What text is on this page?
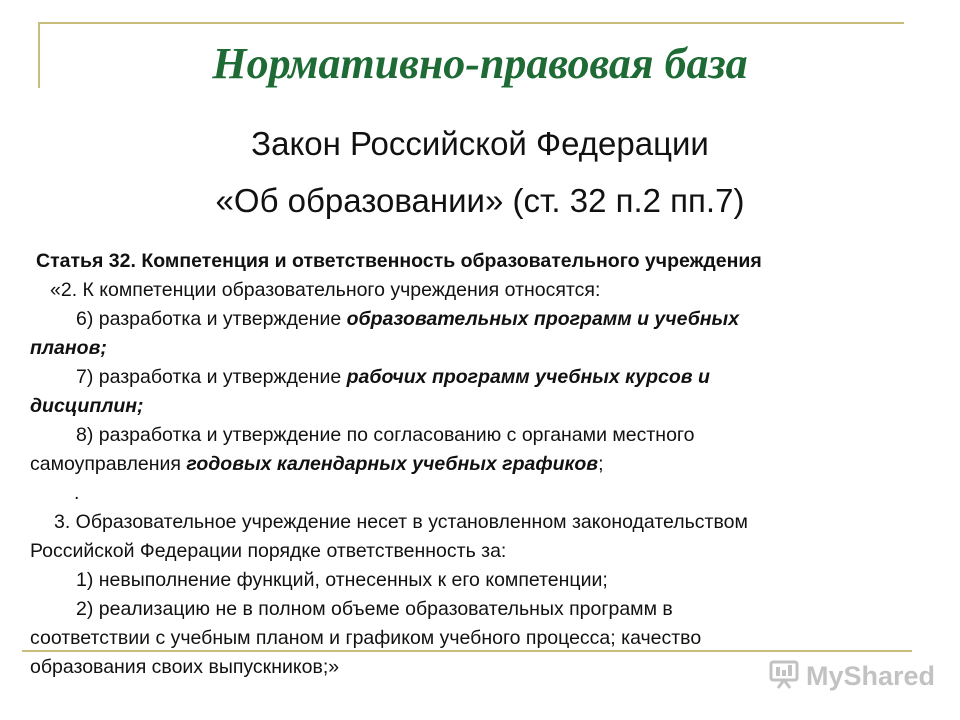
Нормативно-правовая база

Закон Российской Федерации

«Об образовании» (ст. 32 п.2 пп.7)

Статья 32. Компетенция и ответственность образовательного учреждения
«2. К компетенции образовательного учреждения относятся:
6) разработка и утверждение образовательных программ и учебных
планов;
7) разработка и утверждение рабочих программ учебных курсов и
дисциплин;
8) разработка и утверждение по согласованию с органами местного
самоуправления годовых календарных учебных графиков;
.
3. Образовательное учреждение несет в установленном законодательством
Российской Федерации порядке ответственность за:
1) невыполнение функций, отнесенных к его компетенции;
2) реализацию не в полном объеме образовательных программ в
соответствии с учебным планом и графиком учебного процесса; качество
образования своих выпускников;»	MyShared
